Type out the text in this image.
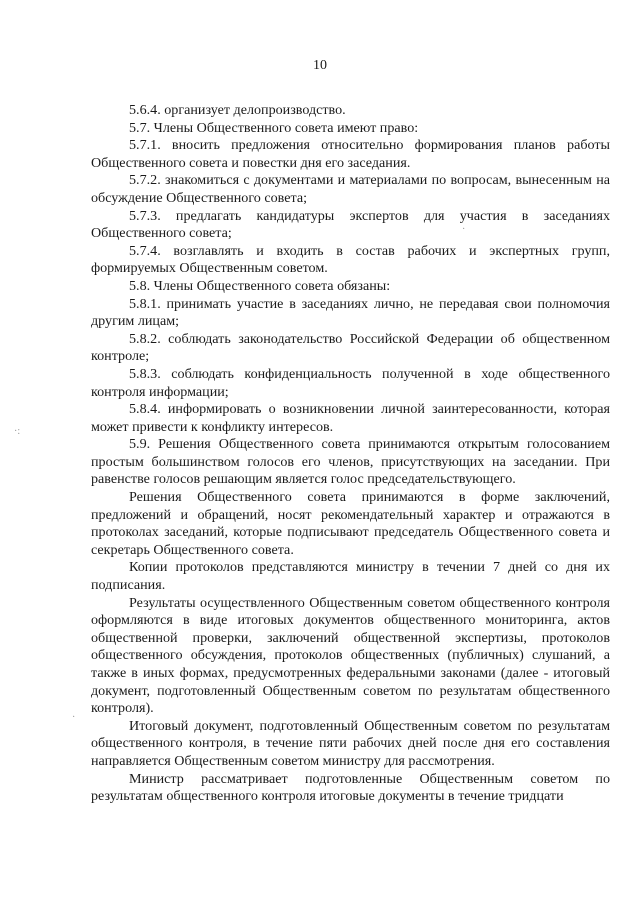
10
·:
·
·

5.6.4. организует делопроизводство.

5.7. Члены Общественного совета имеют право:

5.7.1. вносить предложения относительно формирования планов работы Общественного совета и повестки дня его заседания.

5.7.2. знакомиться с документами и материалами по вопросам, вынесенным на обсуждение Общественного совета;

5.7.3. предлагать кандидатуры экспертов для участия в заседаниях Общественного совета;

5.7.4. возглавлять и входить в состав рабочих и экспертных групп, формируемых Общественным советом.

5.8. Члены Общественного совета обязаны:

5.8.1. принимать участие в заседаниях лично, не передавая свои полномочия другим лицам;

5.8.2. соблюдать законодательство Российской Федерации об общественном контроле;

5.8.3. соблюдать конфиденциальность полученной в ходе общественного контроля информации;

5.8.4. информировать о возникновении личной заинтересованности, которая может привести к конфликту интересов.

5.9. Решения Общественного совета принимаются открытым голосованием простым большинством голосов его членов, присутствующих на заседании. При равенстве голосов решающим является голос председательствующего.

Решения Общественного совета принимаются в форме заключений, предложений и обращений, носят рекомендательный характер и отражаются в протоколах заседаний, которые подписывают председатель Общественного совета и секретарь Общественного совета.

Копии протоколов представляются министру в течении 7 дней со дня их подписания.

Результаты осуществленного Общественным советом общественного контроля оформляются в виде итоговых документов общественного мониторинга, актов общественной проверки, заключений общественной экспертизы, протоколов общественного обсуждения, протоколов общественных (публичных) слушаний, а также в иных формах, предусмотренных федеральными законами (далее - итоговый документ, подготовленный Общественным советом по результатам общественного контроля).

Итоговый документ, подготовленный Общественным советом по результатам общественного контроля, в течение пяти рабочих дней после дня его составления направляется Общественным советом министру для рассмотрения.

Министр рассматривает подготовленные Общественным советом по результатам общественного контроля итоговые документы в течение тридцати
